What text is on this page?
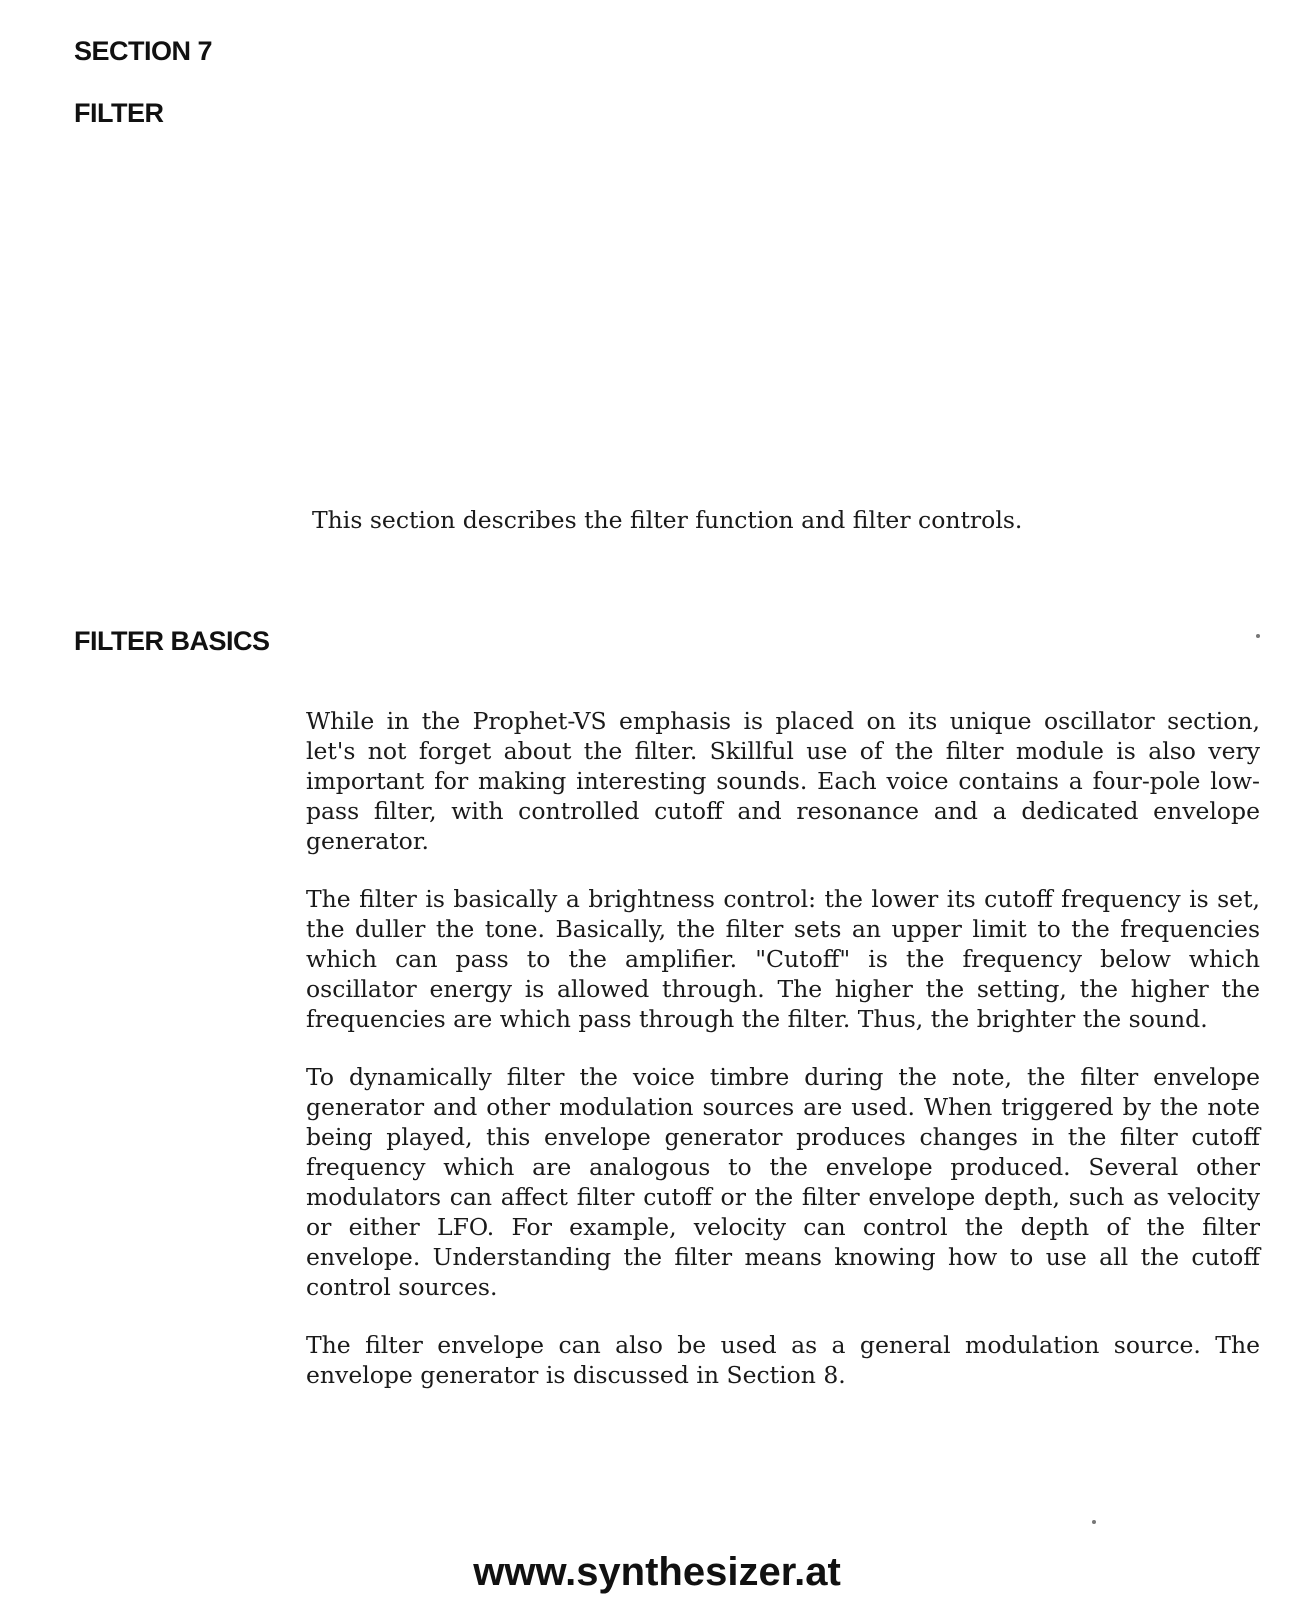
SECTION 7
FILTER

This section describes the filter function and filter controls.

FILTER BASICS

While in the Prophet-VS emphasis is placed on its unique oscillator section, let's not forget about the filter. Skillful use of the filter module is also very important for making interesting sounds. Each voice contains a four-pole low-pass filter, with controlled cutoff and resonance and a dedicated envelope generator.

The filter is basically a brightness control: the lower its cutoff frequency is set, the duller the tone. Basically, the filter sets an upper limit to the frequencies which can pass to the amplifier. "Cutoff" is the frequency below which oscillator energy is allowed through. The higher the setting, the higher the frequencies are which pass through the filter. Thus, the brighter the sound.

To dynamically filter the voice timbre during the note, the filter envelope generator and other modulation sources are used. When triggered by the note being played, this envelope generator produces changes in the filter cutoff frequency which are analogous to the envelope produced. Several other modulators can affect filter cutoff or the filter envelope depth, such as velocity or either LFO. For example, velocity can control the depth of the filter envelope. Understanding the filter means knowing how to use all the cutoff control sources.

The filter envelope can also be used as a general modulation source. The envelope generator is discussed in Section 8.

www.synthesizer.at
